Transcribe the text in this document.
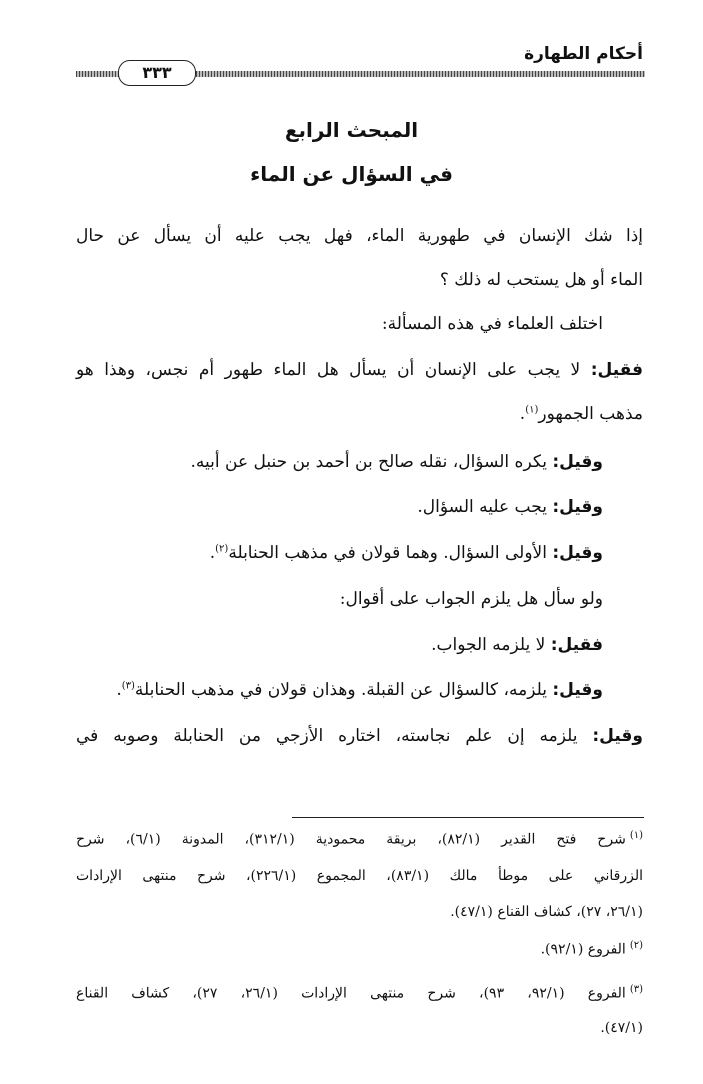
أحكام الطهارة
٣٣٣
المبحث الرابع
في السؤال عن الماء
إذا شك الإنسان في طهورية الماء، فهل يجب عليه أن يسأل عن حال
الماء أو هل يستحب له ذلك ؟
اختلف العلماء في هذه المسألة:
فقيل: لا يجب على الإنسان أن يسأل هل الماء طهور أم نجس، وهذا هو
مذهب الجمهور$^{(١)}$.
وقيل: يكره السؤال، نقله صالح بن أحمد بن حنبل عن أبيه.
وقيل: يجب عليه السؤال.
وقيل: الأولى السؤال. وهما قولان في مذهب الحنابلة$^{(٢)}$.
ولو سأل هل يلزم الجواب على أقوال:
فقيل: لا يلزمه الجواب.
وقيل: يلزمه، كالسؤال عن القبلة. وهذان قولان في مذهب الحنابلة$^{(٣)}$.
وقيل: يلزمه إن علم نجاسته، اختاره الأزجي من الحنابلة وصوبه في
$^{(١)}$شرح فتح القدير (٨٢/١)، بريقة محمودية (٣١٢/١)، المدونة (٦/١)، شرح
الزرقاني على موطأ مالك (٨٣/١)، المجموع (٢٢٦/١)، شرح منتهى الإرادات
(٢٦/١، ٢٧)، كشاف القناع (٤٧/١).
$^{(٢)}$الفروع (٩٢/١).
$^{(٣)}$الفروع (٩٢/١، ٩٣)، شرح منتهى الإرادات (٢٦/١، ٢٧)، كشاف القناع
(٤٧/١).
